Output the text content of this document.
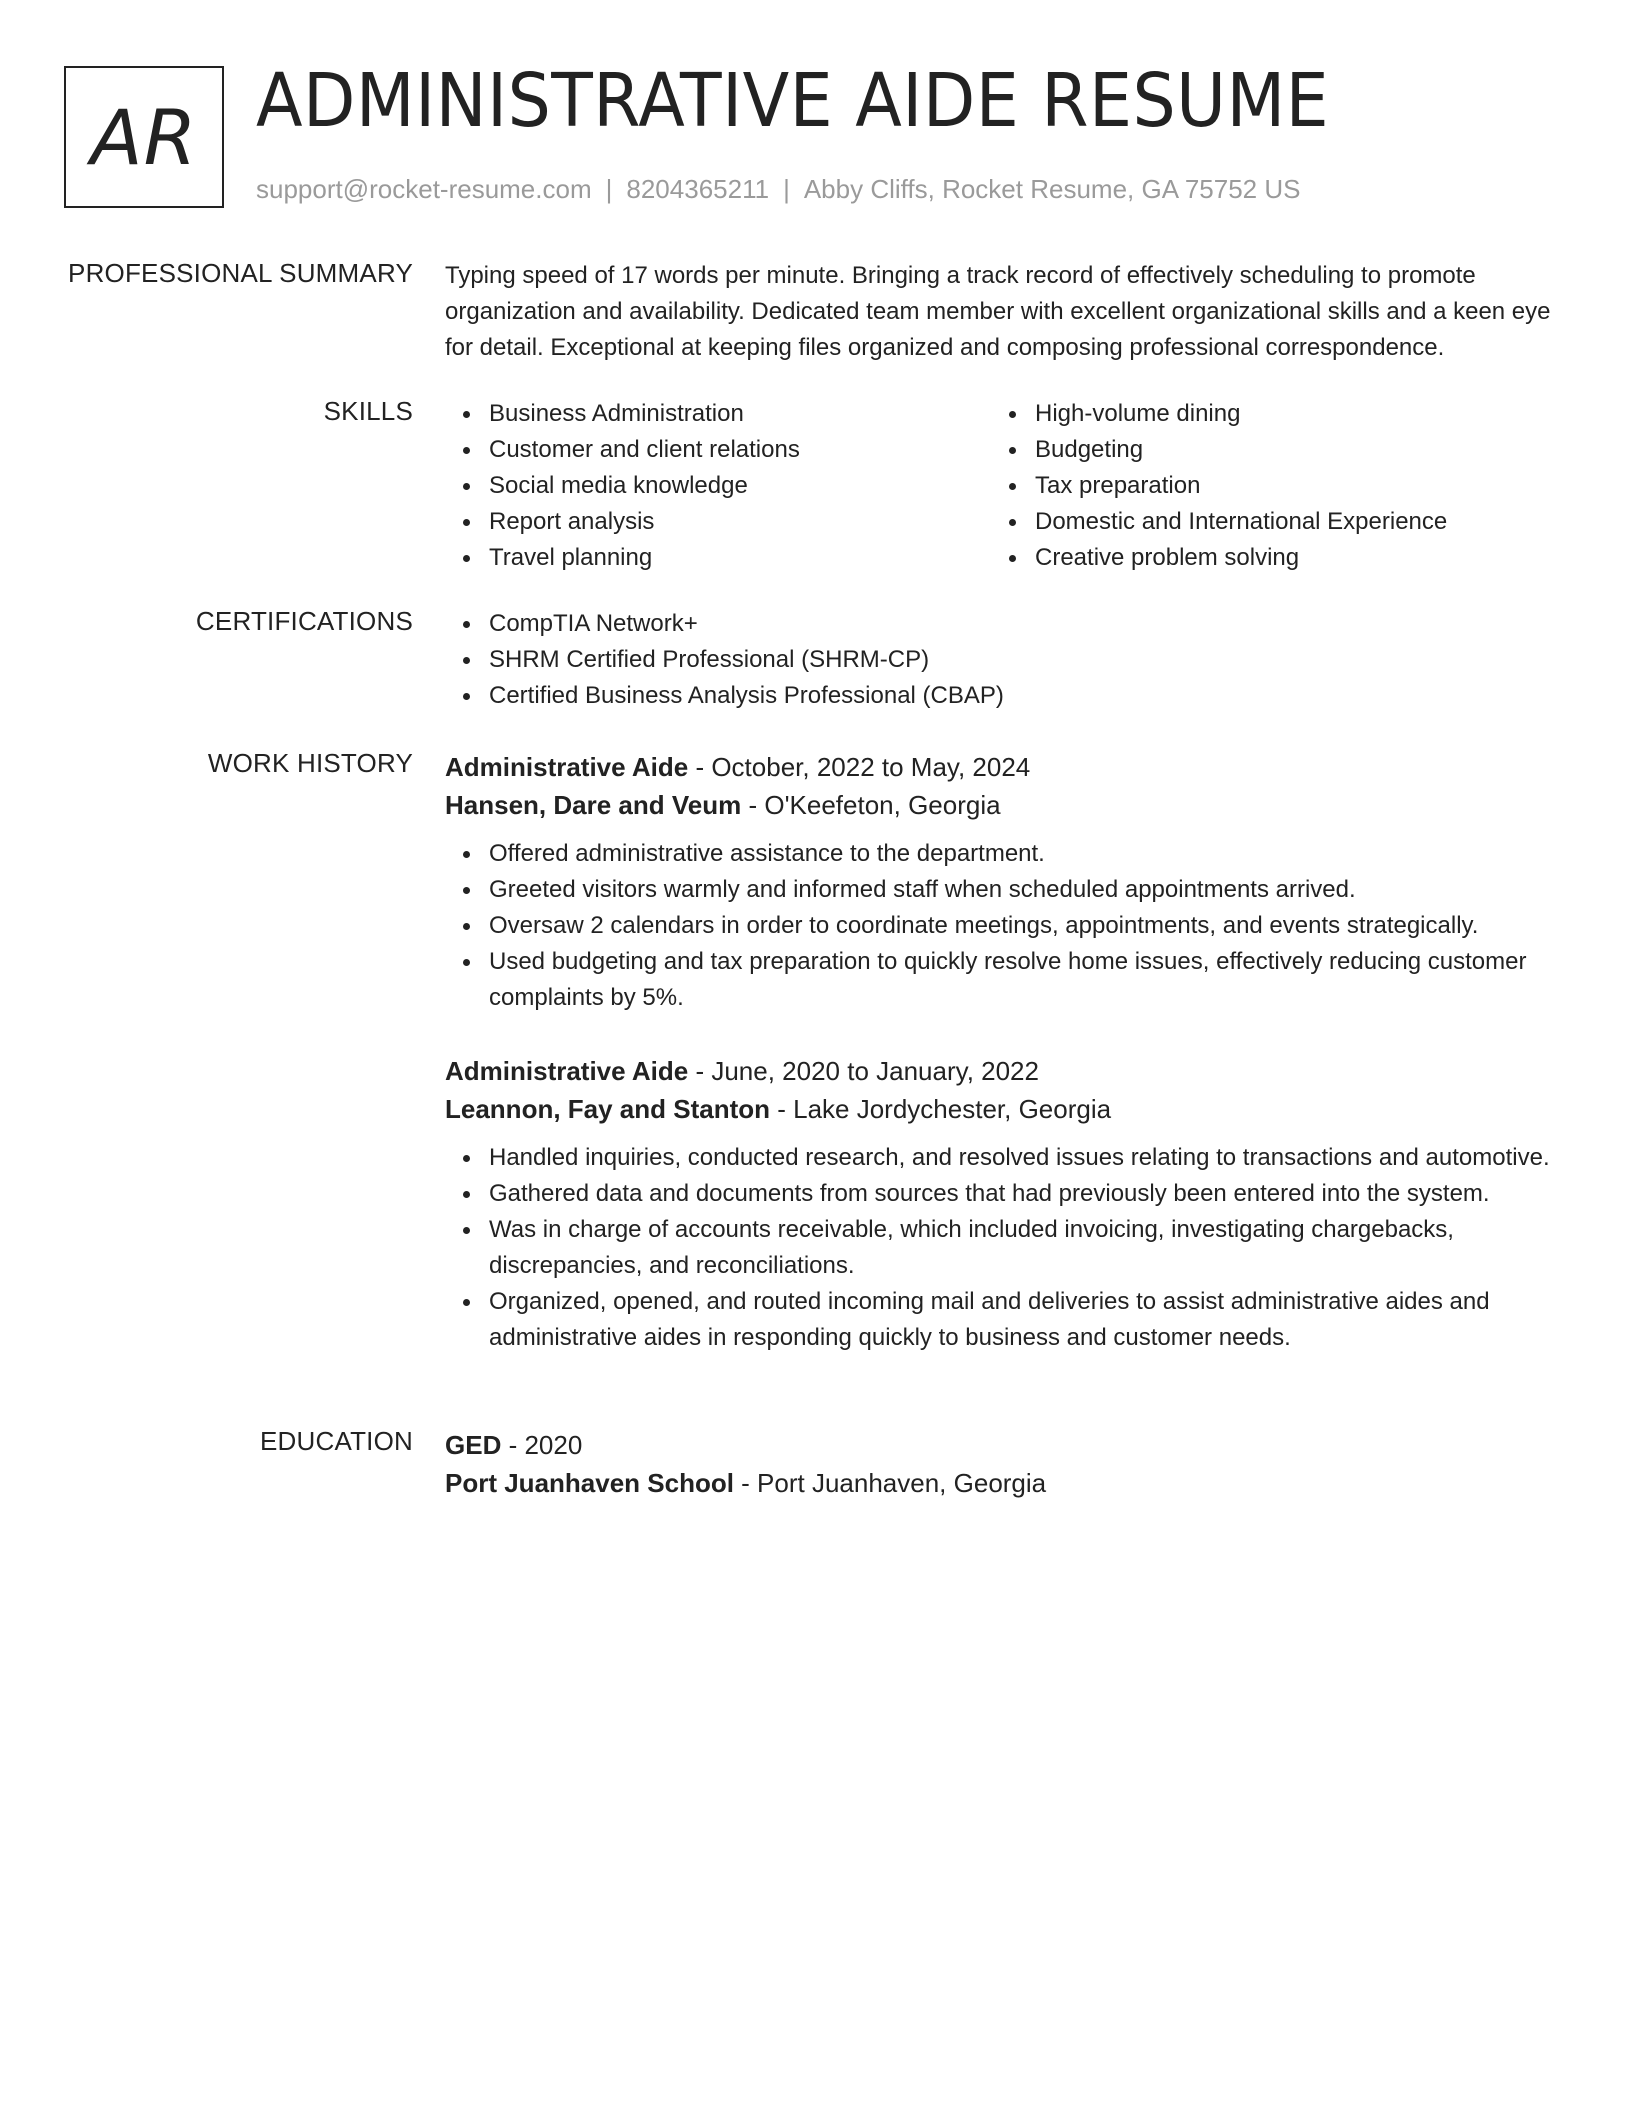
AR ADMINISTRATIVE AIDE RESUME
support@rocket-resume.com | 8204365211 | Abby Cliffs, Rocket Resume, GA 75752 US
PROFESSIONAL SUMMARY Typing speed of 17 words per minute. Bringing a track record of effectively scheduling to promote organization and availability. Dedicated team member with excellent organizational skills and a keen eye for detail. Exceptional at keeping files organized and composing professional correspondence.
SKILLS	Business Administration
Customer and client relations
Social media knowledge
Report analysis
Travel planning
High-volume dining
Budgeting
Tax preparation
Domestic and International Experience
Creative problem solving
CERTIFICATIONS	CompTIA Network+
SHRM Certified Professional (SHRM-CP)
Certified Business Analysis Professional (CBAP)
WORK HISTORY Administrative Aide - October, 2022 to May, 2024
Hansen, Dare and Veum - O'Keefeton, Georgia
Offered administrative assistance to the department.
Greeted visitors warmly and informed staff when scheduled appointments arrived.
Oversaw 2 calendars in order to coordinate meetings, appointments, and events strategically.
Used budgeting and tax preparation to quickly resolve home issues, effectively reducing customer complaints by 5%.
Administrative Aide - June, 2020 to January, 2022
Leannon, Fay and Stanton - Lake Jordychester, Georgia
Handled inquiries, conducted research, and resolved issues relating to transactions and automotive.
Gathered data and documents from sources that had previously been entered into the system.
Was in charge of accounts receivable, which included invoicing, investigating chargebacks, discrepancies, and reconciliations.
Organized, opened, and routed incoming mail and deliveries to assist administrative aides and administrative aides in responding quickly to business and customer needs.
EDUCATION GED - 2020
Port Juanhaven School - Port Juanhaven, Georgia
